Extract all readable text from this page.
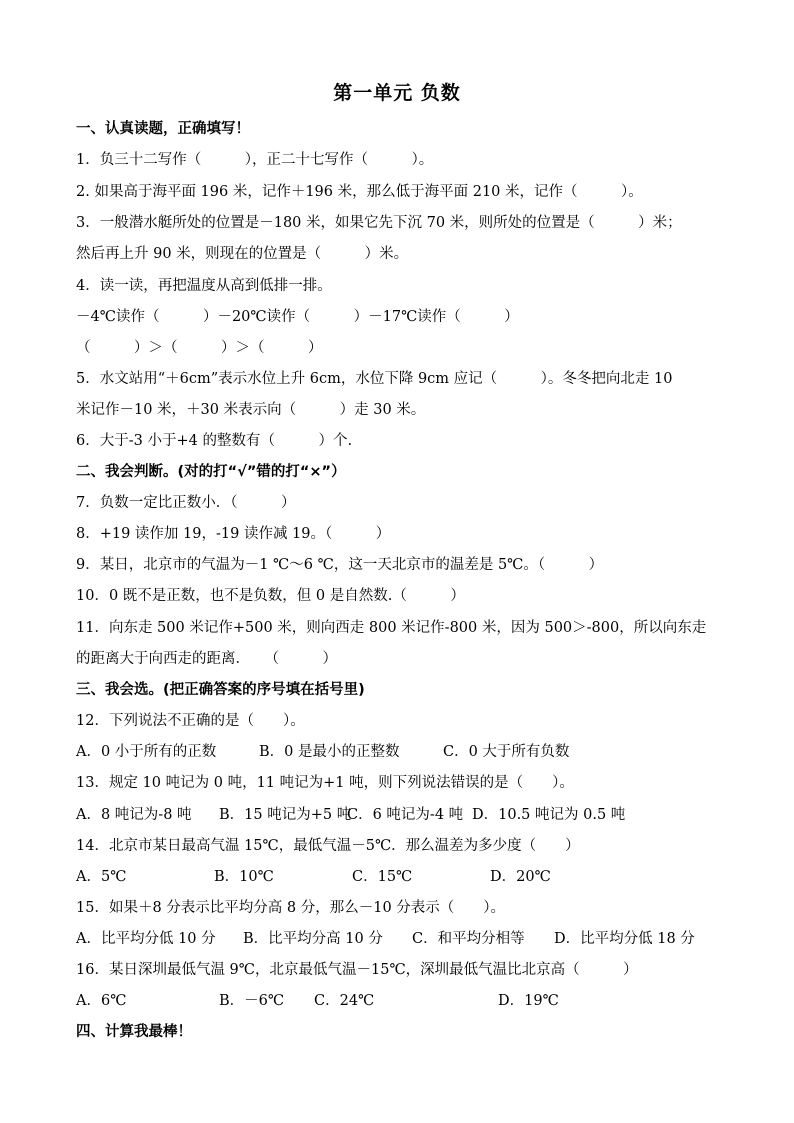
第一单元 负数
一、认真读题，正确填写！
1．负三十二写作（　　　），正二十七写作（　　　）。
2. 如果高于海平面 196 米，记作＋196 米，那么低于海平面 210 米，记作（　　　）。
3．一般潜水艇所处的位置是－180 米，如果它先下沉 70 米，则所处的位置是（　　　）米；
然后再上升 90 米，则现在的位置是（　　　）米。
4．读一读，再把温度从高到低排一排。
－4℃读作（　　　）－20℃读作（　　　）－17℃读作（　　　）
（　　　）＞（　　　）＞（　　　）
5．水文站用“＋6cm”表示水位上升 6cm，水位下降 9cm 应记（　　　）。冬冬把向北走 10
米记作－10 米，＋30 米表示向（　　　）走 30 米。
6．大于-3 小于+4 的整数有（　　　）个.
二、我会判断。(对的打“√”错的打“×”）
7．负数一定比正数小．（　　　）
8．+19 读作加 19，-19 读作减 19。（　　　）
9．某日，北京市的气温为－1 ℃～6 ℃，这一天北京市的温差是 5℃。（　　　）
10．0 既不是正数，也不是负数，但 0 是自然数.（　　　）
11．向东走 500 米记作+500 米，则向西走 800 米记作-800 米，因为 500＞-800，所以向东走
的距离大于向西走的距离．　　（　　　）
三、我会选。(把正确答案的序号填在括号里)
12．下列说法不正确的是（　　）。
A．0 小于所有的正数	B．0 是最小的正整数	C．0 大于所有负数
13．规定 10 吨记为 0 吨，11 吨记为+1 吨，则下列说法错误的是（　　）。
A．8 吨记为-8 吨 B．15 吨记为+5 吨
C．6 吨记为-4 吨 D．10.5 吨记为 0.5 吨
14．北京市某日最高气温 15℃，最低气温－5℃．那么温差为多少度（　　）
A．5℃	B．10℃	C．15℃	D．20℃
15．如果＋8 分表示比平均分高 8 分，那么－10 分表示（　　）。
A．比平均分低 10 分 B．比平均分高 10 分 C．和平均分相等 D．比平均分低 18 分
16．某日深圳最低气温 9℃，北京最低气温－15℃，深圳最低气温比北京高（　　　）
A．6℃	B．－6℃ C．24℃	D．19℃
四、计算我最棒！
